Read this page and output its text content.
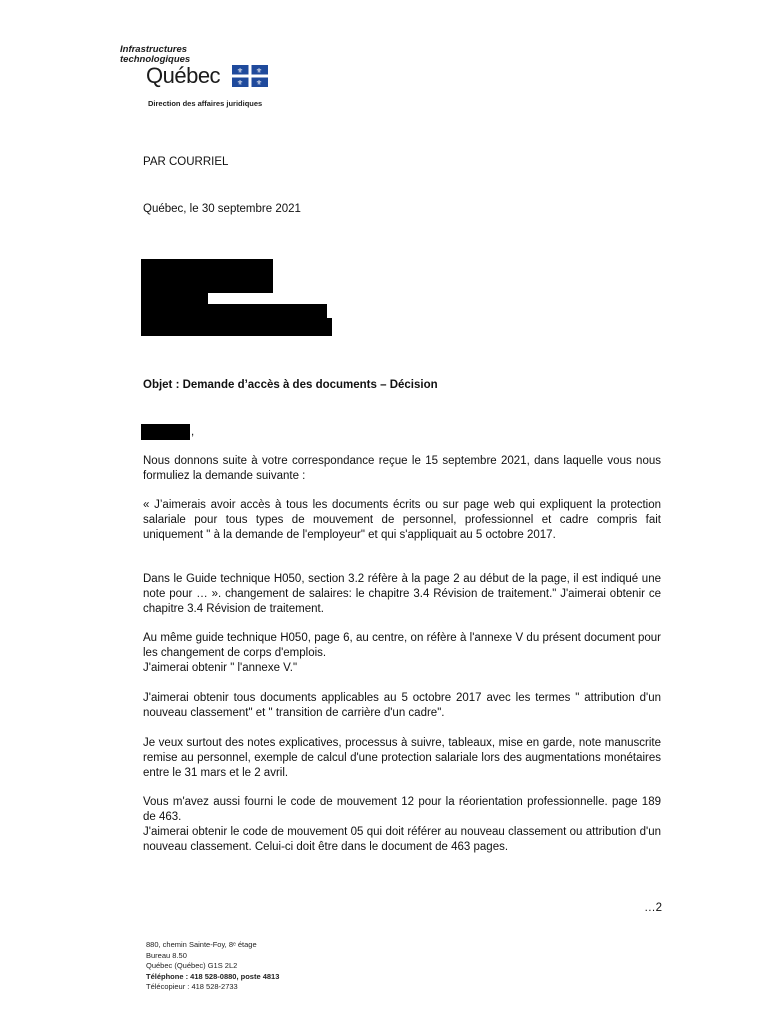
Infrastructures
technologiques
Québec ⚜ ⚜
⚜ ⚜
Direction des affaires juridiques
PAR COURRIEL
Québec, le 30 septembre 2021
Objet : Demande d’accès à des documents – Décision
,
Nous donnons suite à votre correspondance reçue le 15 septembre 2021, dans laquelle vous nous formuliez la demande suivante :
« J’aimerais avoir accès à tous les documents écrits ou sur page web qui expliquent la protection salariale pour tous types de mouvement de personnel, professionnel et cadre compris fait uniquement " à la demande de l'employeur" et qui s'appliquait au 5 octobre 2017.
Dans le Guide technique H050, section 3.2 réfère à la page 2 au début de la page, il est indiqué une note pour … ». changement de salaires: le chapitre 3.4 Révision de traitement." J'aimerai obtenir ce chapitre 3.4 Révision de traitement.

Au même guide technique H050, page 6, au centre, on réfère à l'annexe V du présent document pour les changement de corps d'emplois.

J'aimerai obtenir " l'annexe V."

J'aimerai obtenir tous documents applicables au 5 octobre 2017 avec les termes " attribution d'un nouveau classement" et " transition de carrière d'un cadre".
Je veux surtout des notes explicatives, processus à suivre, tableaux, mise en garde, note manuscrite remise au personnel, exemple de calcul d'une protection salariale lors des augmentations monétaires entre le 31 mars et le 2 avril.

Vous m'avez aussi fourni le code de mouvement 12 pour la réorientation professionnelle. page 189 de 463.

J'aimerai obtenir le code de mouvement 05 qui doit référer au nouveau classement ou attribution d'un nouveau classement. Celui-ci doit être dans le document de 463 pages.

…2
880, chemin Sainte-Foy, 8ᵉ étage
Bureau 8.50
Québec (Québec) G1S 2L2
Téléphone : 418 528-0880, poste 4813
Télécopieur : 418 528-2733
